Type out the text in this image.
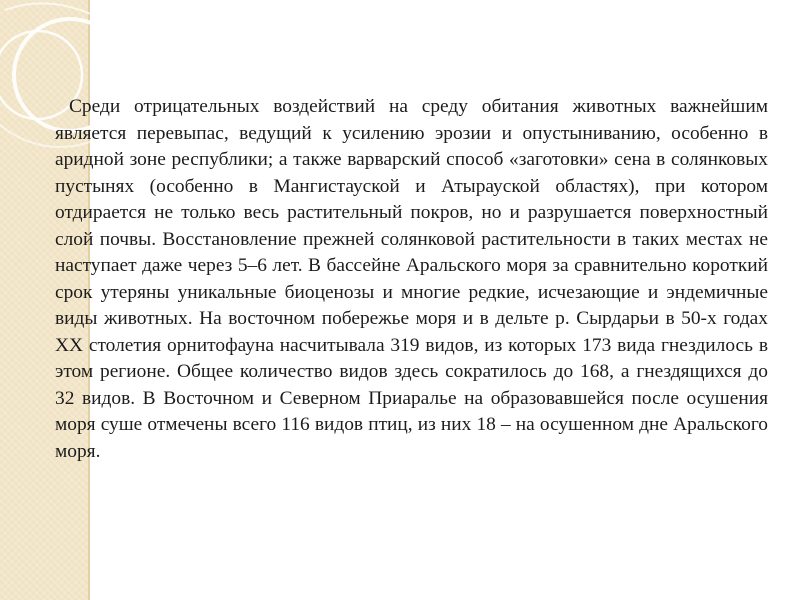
Среди отрицательных воздействий на среду обитания животных важнейшим является перевыпас, ведущий к усилению эрозии и опустыниванию, особенно в аридной зоне республики; а также варварский способ «заготовки» сена в солянковых пустынях (особенно в Мангистауской и Атырауской областях), при котором отдирается не только весь растительный покров, но и разрушается поверхностный слой почвы. Восстановление прежней солянковой растительности в таких местах не наступает даже через 5–6 лет. В бассейне Аральского моря за сравнительно короткий срок утеряны уникальные биоценозы и многие редкие, исчезающие и эндемичные виды животных. На восточном побережье моря и в дельте р. Сырдарьи в 50-х годах XX столетия орнитофауна насчитывала 319 видов, из которых 173 вида гнездилось в этом регионе. Общее количество видов здесь сократилось до 168, а гнездящихся до 32 видов. В Восточном и Северном Приаралье на образовавшейся после осушения моря суше отмечены всего 116 видов птиц, из них 18 – на осушенном дне Аральского моря.
